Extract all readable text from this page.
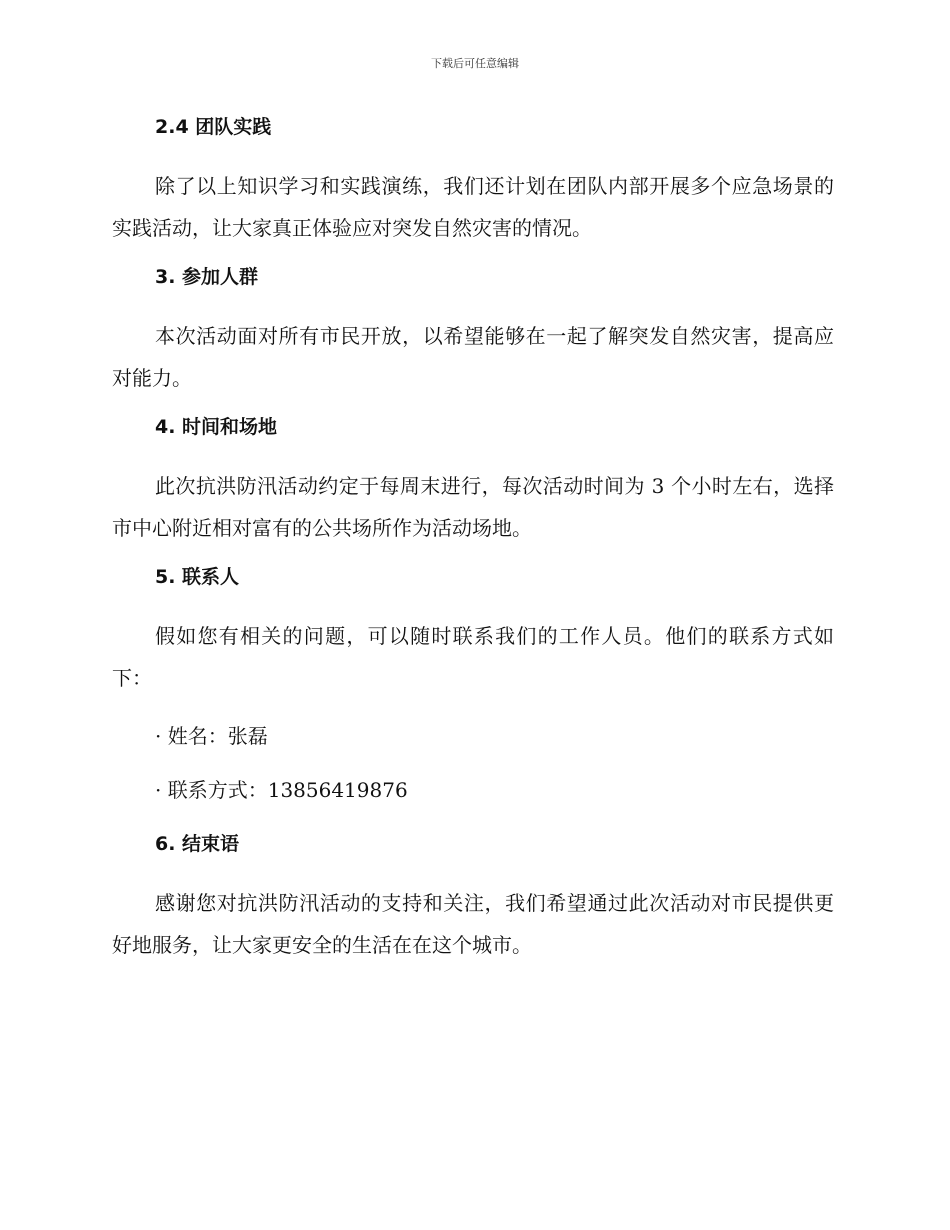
下载后可任意编辑
2.4 团队实践

除了以上知识学习和实践演练，我们还计划在团队内部开展多个应急场景的实践活动，让大家真正体验应对突发自然灾害的情况。

3. 参加人群

本次活动面对所有市民开放，以希望能够在一起了解突发自然灾害，提高应对能力。

4. 时间和场地

此次抗洪防汛活动约定于每周末进行，每次活动时间为 3 个小时左右，选择市中心附近相对富有的公共场所作为活动场地。

5. 联系人

假如您有相关的问题，可以随时联系我们的工作人员。他们的联系方式如下：

· 姓名：张磊
· 联系方式：13856419876
6. 结束语

感谢您对抗洪防汛活动的支持和关注，我们希望通过此次活动对市民提供更好地服务，让大家更安全的生活在在这个城市。
